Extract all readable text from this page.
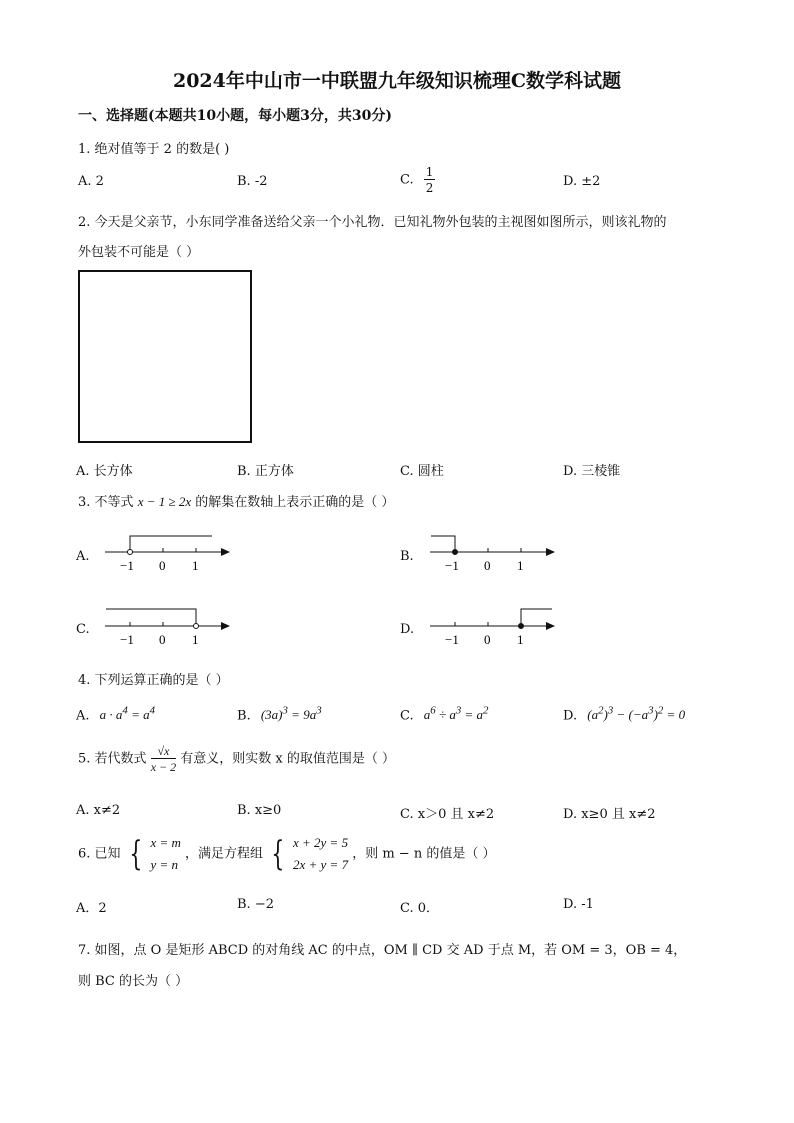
2024年中山市一中联盟九年级知识梳理C数学科试题
一、选择题(本题共10小题，每小题3分，共30分)
1. 绝对值等于 2 的数是( )
A. 2	B. -2	C. $\frac{1}{2}$	D. ±2
2. 今天是父亲节，小东同学准备送给父亲一个小礼物．已知礼物外包装的主视图如图所示，则该礼物的
外包装不可能是（ ）
A. 长方体	B. 正方体	C. 圆柱	D. 三棱锥
3. 不等式 x − 1 ≥ 2x 的解集在数轴上表示正确的是（ ）
A.	B.
C.	D.
−1 0 1	−1 0 1
−1 0 1	−1 0 1
4. 下列运算正确的是（ ）
A. $a \cdot a^4 = a^4$	B. $(3a)^3 = 9a^3$	C. $a^6 \div a^3 = a^2$	D. $(a^2)^3 - (-a^3)^2 = 0$
5. 若代数式 $\frac{√x}{x - 2}$ 有意义，则实数 x 的取值范围是（ ）
A. x≠2	B. x≥0	C. x＞0 且 x≠2	D. x≥0 且 x≠2
6. 已知 { x = m
y = n
，满足方程组 { x + 2y = 5
2x + y = 7
，则 m − n 的值是（ ）
A．2	B. −2	C. 0．	D. -1
7. 如图，点 O 是矩形 ABCD 的对角线 AC 的中点，OM ∥ CD 交 AD 于点 M，若 OM = 3，OB = 4，
则 BC 的长为（ ）
